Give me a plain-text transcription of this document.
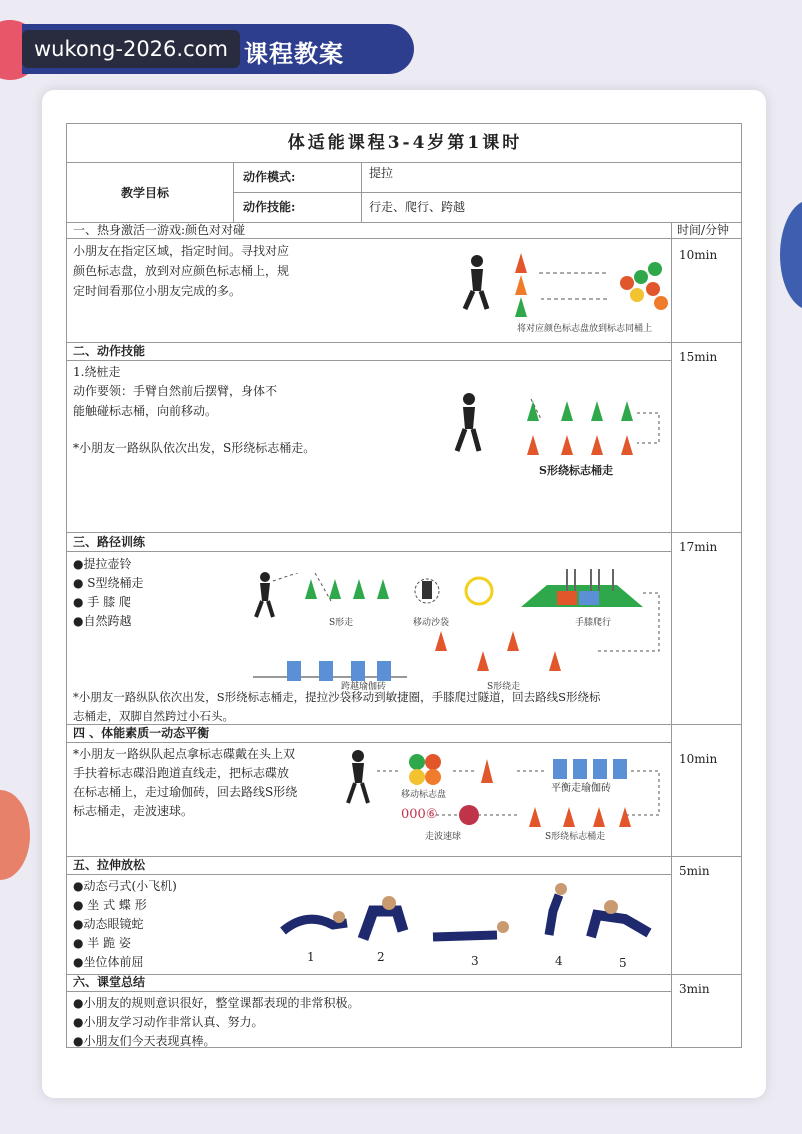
课程教案
wukong-2026.com
体适能课程3-4岁第1课时
教学目标
动作模式:	提拉
动作技能:	行走、爬行、跨越
一、热身激活一游戏:颜色对对碰	时间/分钟
小朋友在指定区域，指定时间。寻找对应
颜色标志盘，放到对应颜色标志桶上，规
定时间看那位小朋友完成的多。
10min
将对应颜色标志盘放到标志同桶上
二、动作技能
1.绕桩走
动作要领：手臂自然前后摆臂，身体不
能触碰标志桶，向前移动。
*小朋友一路纵队依次出发，S形绕标志桶走。
15min
S形绕标志桶走
三、路径训练
●提拉壶铃
● S型绕桶走
● 手 膝 爬
●自然跨越
17min
S形走	移动沙袋	手膝爬行
跨越瑜伽砖	S形绕走
*小朋友一路纵队依次出发，S形绕标志桶走，提拉沙袋移动到敏捷圈，手膝爬过隧道，回去路线S形绕标
志桶走，双脚自然跨过小石头。
四 、体能素质一动态平衡
*小朋友一路纵队起点拿标志碟戴在头上双
手扶着标志碟沿跑道直线走，把标志碟放
在标志桶上，走过瑜伽砖，回去路线S形绕
标志桶走，走波速球。
10min
000⑥
移动标志盘
平衡走瑜伽砖
走波速球	S形绕标志桶走
五、拉伸放松
●动态弓式(小飞机)
● 坐 式 蝶 形
●动态眼镜蛇
● 半 跪 姿
●坐位体前屈
5min
1	2	3	4	5
六、课堂总结
●小朋友的规则意识很好，整堂课都表现的非常积极。
●小朋友学习动作非常认真、努力。
●小朋友们今天表现真棒。
3min
